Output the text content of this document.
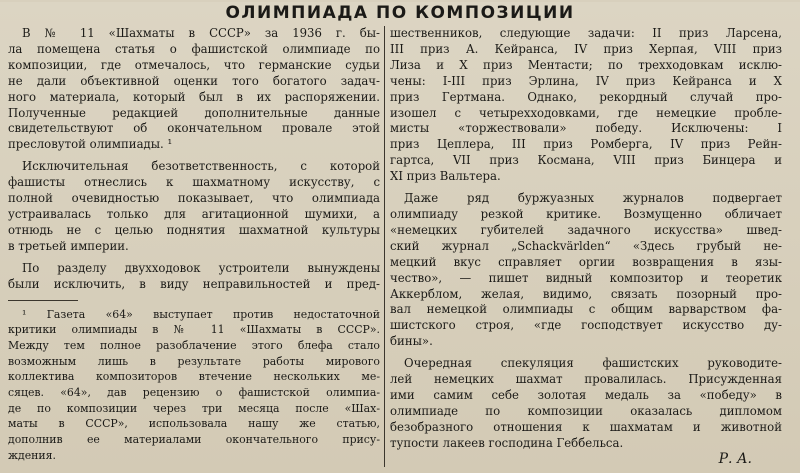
ОЛИМПИАДА ПО КОМПОЗИЦИИ

В № 11 «Шахматы в СССР» за 1936 г. бы-

ла помещена статья о фашистской олимпиаде по

композиции, где отмечалось, что германские судьи

не дали объективной оценки того богатого задач-

ного материала, который был в их распоряжении.

Полученные редакцией дополнительные данные

свидетельствуют об окончательном провале этой

пресловутой олимпиады. ¹

Исключительная безответственность, с которой

фашисты отнеслись к шахматному искусству, с

полной очевидностью показывает, что олимпиада

устраивалась только для агитационной шумихи, а

отнюдь не с целью поднятия шахматной культуры

в третьей империи.

По разделу двухходовок устроители вынуждены

были исключить, в виду неправильностей и пред-

¹ Газета «64» выступает против недостаточной

критики олимпиады в № 11 «Шахматы в СССР».

Между тем полное разоблачение этого блефа стало

возможным лишь в результате работы мирового

коллектива композиторов втечение нескольких ме-

сяцев. «64», дав рецензию о фашистской олимпиа-

де по композиции через три месяца после «Шах-

маты в СССР», использовала нашу же статью,

дополнив ее материалами окончательного прису-

ждения.

шественников, следующие задачи: II приз Ларсена,

III приз А. Кейранса, IV приз Херпая, VIII приз

Лиза и X приз Ментасти; по трехходовкам исклю-

чены: I-III приз Эрлина, IV приз Кейранса и X

приз Гертмана. Однако, рекордный случай про-

изошел с четырехходовками, где немецкие пробле-

мисты «торжествовали» победу. Исключены: I

приз Цеплера, III приз Ромберга, IV приз Рейн-

гартса, VII приз Космана, VIII приз Бинцера и

XI приз Вальтера.

Даже ряд буржуазных журналов подвергает

олимпиаду резкой критике. Возмущенно обличает

«немецких губителей задачного искусства» швед-

ский журнал „Schackvärlden“ «Здесь грубый не-

мецкий вкус справляет оргии возвращения в язы-

чество», — пишет видный композитор и теоретик

Аккерблом, желая, видимо, связать позорный про-

вал немецкой олимпиады с общим варварством фа-

шистского строя, «где господствует искусство ду-

бины».

Очередная спекуляция фашистских руководите-

лей немецких шахмат провалилась. Присужденная

ими самим себе золотая медаль за «победу» в

олимпиаде по композиции оказалась дипломом

безобразного отношения к шахматам и животной

тупости лакеев господина Геббельса.

Р. А.
